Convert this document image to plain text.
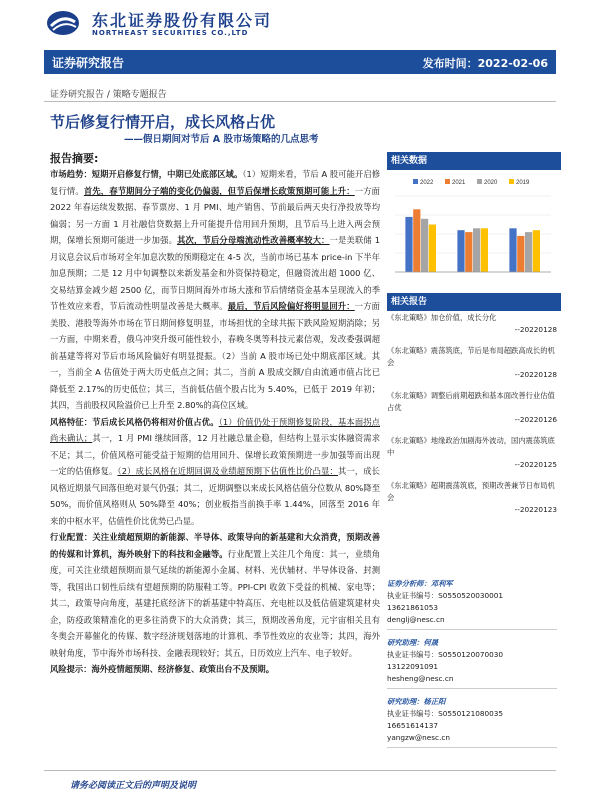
东北证券股份有限公司
NORTHEAST SECURITIES CO.,LTD
证券研究报告	发布时间：2022-02-06
证券研究报告 / 策略专题报告
节后修复行情开启，成长风格占优
——假日期间对节后 A 股市场策略的几点思考
报告摘要:

市场趋势：短期开启修复行情，中期已处底部区域。（1）短期来看，节后 A 股可能开启修复行情。首先，春节期间分子端的变化仍偏弱，但节后保增长政策预期可能上升：一方面 2022 年春运续发数据、春节票房、1 月 PMI、地产销售、节前最后两天央行净投放等均偏弱；另一方面 1 月社融信贷数据上升可能提升信用回升预期，且节后马上进入两会预期，保增长预期可能进一步加强。其次，节后分母端流动性改善概率较大：一是美联储 1 月议息会议后市场对全年加息次数的预期稳定在 4-5 次，当前市场已基本 price-in 下半年加息预期；二是 12 月中旬调整以来新发基金和外资保持稳定，但融资流出超 1000 亿、交易结算金减少超 2500 亿，而节日期间海外市场大涨和节后情绪资金基本呈现流入的季节性效应来看，节后流动性明显改善是大概率。最后，节后风险偏好将明显回升：一方面美股、港股等海外市场在节日期间修复明显，市场担忧的全球共振下跌风险短期消除；另一方面，中期来看，俄乌冲突升级可能性较小，春晚冬奥等科技元素信观，发改委强调超前基建等将对节后市场风险偏好有明显提振。（2）当前 A 股市场已处中期底部区域。其一，当前全 A 估值处于两大历史低点之间；其二，当前 A 股成交额/自由流通市值占比已降低至 2.17%的历史低位；其三，当前低估值个股占比为 5.40%，已低于 2019 年初；其四，当前股权风险溢价已上升至 2.80%的高位区域。

风格特征：节后成长风格仍将相对价值占优。（1）价值仍处于预期修复阶段，基本面拐点尚未确认；其一，1 月 PMI 继续回落，12 月社融总量企稳，但结构上显示实体融资需求不足；其二，价值风格可能受益于短期的信用回升、保增长政策预期进一步加强等而出现一定的估值修复。（2）成长风格在近期回调及业绩超预期下估值性比价凸显：其一，成长风格近期景气回落但绝对景气仍强；其二，近期调整以来成长风格估值分位数从 80%降至 50%，而价值风格则从 50%降至 40%；创业板指当前换手率 1.44%，回落至 2016 年来的中枢水平，估值性价比优势已凸显。

行业配置：关注业绩超预期的新能源、半导体、政策导向的新基建和大众消费，预期改善的传媒和计算机，海外映射下的科技和金融等。行业配置上关注几个角度：其一，业绩角度，可关注业绩超预期而景气延续的新能源小金属、材料、光伏辅材、半导体设备、封测等，我国出口韧性后续有望超预期的防服鞋工等。PPI-CPI 收敛下受益的机械、家电等；其二，政策导向角度，基建托底经济下的新基建中特高压、充电桩以及低估值建筑建材央企，防疫政策精准化的更多往消费下的大众消费；其三，预期改善角度，元宇宙相关且有冬奥会开幕催化的传媒、数字经济规划落地的计算机、季节性效应的农业等；其四，海外映射角度，节中海外市场科技、金融表现较好；其五，日历效应上汽车、电子较好。

风险提示：海外疫情超预期、经济修复、政策出台不及预期。

相关数据
2022	2021	2020	2019
相关报告
《东北策略》加仓价值，成长分化
--20220128
《东北策略》震荡筑底，节后是布局超跌高成长的机会
--20220128
《东北策略》调整后前期超跌和基本面改善行业估值占优
--20220126
《东北策略》地缘政治加剧海外波动，国内震荡筑底中
--20220125
《东北策略》超期震荡筑底，预期改善兼节日布局机会
--20220123
证券分析师：邓利军
执业证书编号：S0550520030001
13621861053
denglj@nesc.cn
研究助理：何晟
执业证书编号：S0550120070030
13122091091
hesheng@nesc.cn
研究助理：杨正阳
执业证书编号：S0550121080035
16651614137
yangzw@nesc.cn
请务必阅读正文后的声明及说明
